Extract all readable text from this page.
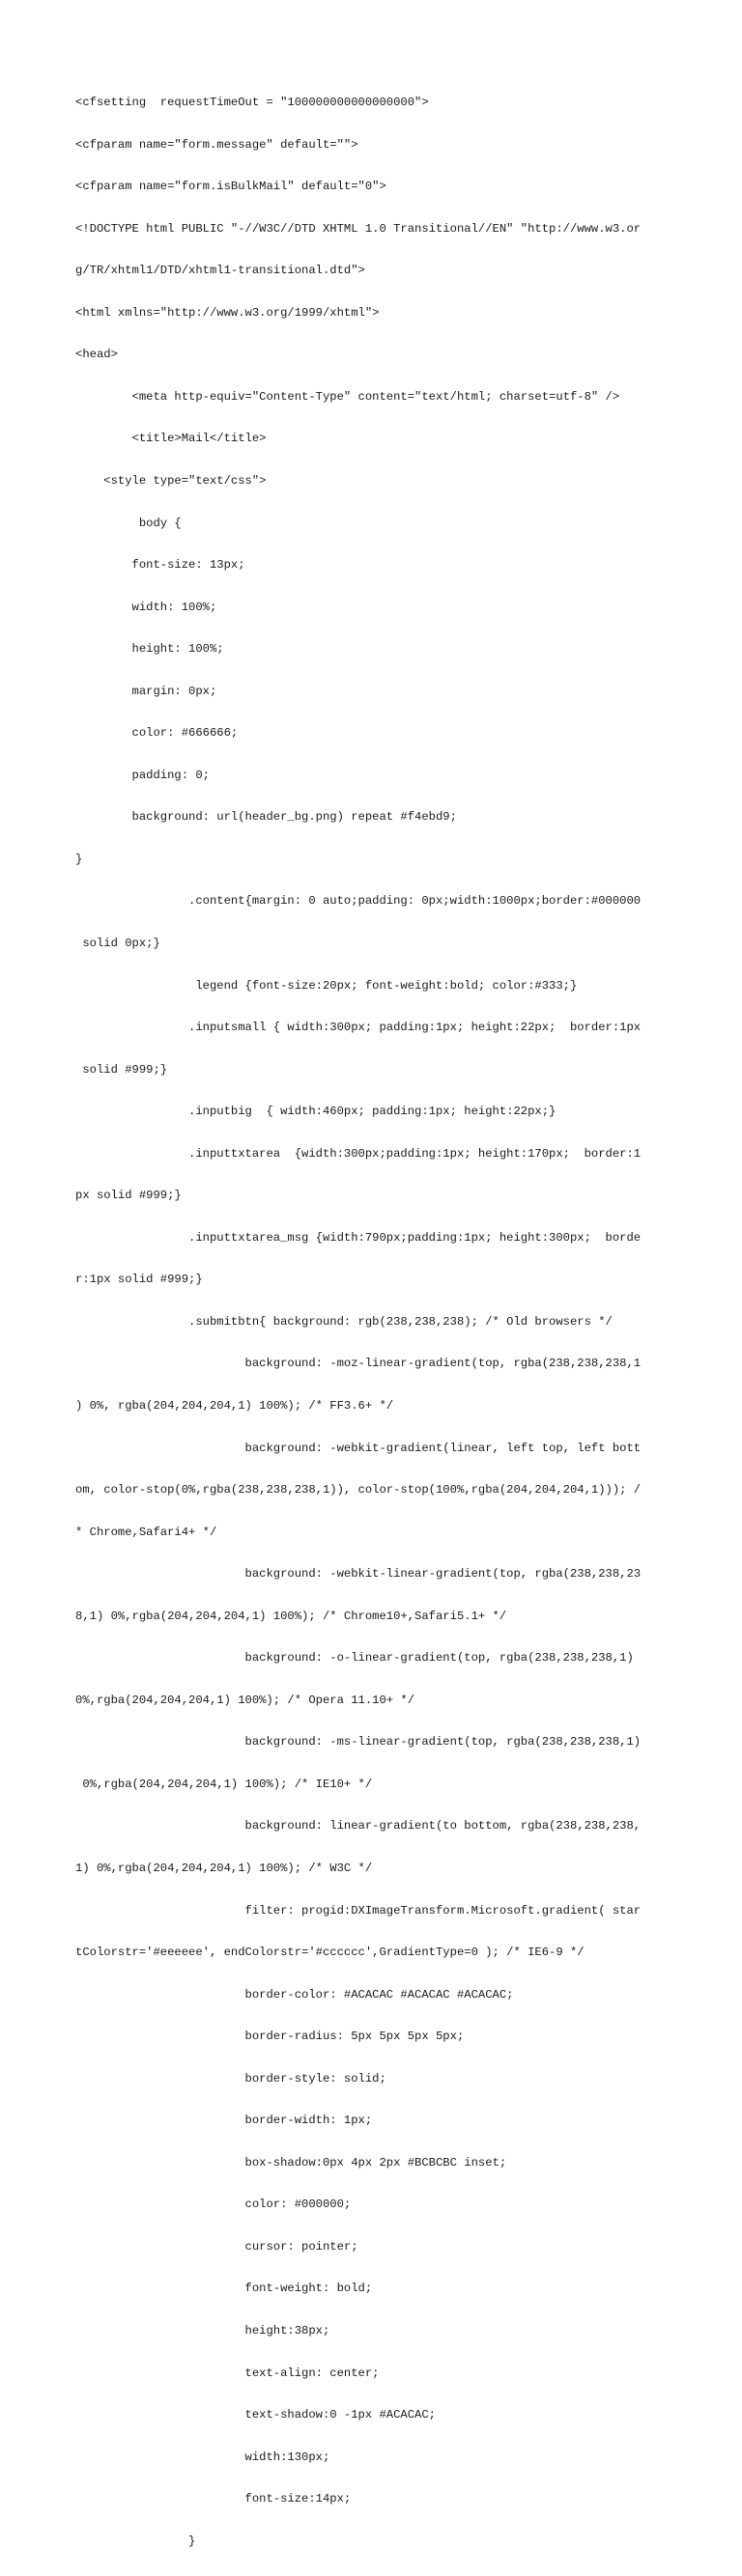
<cfsetting  requestTimeOut = "100000000000000000">

<cfparam name="form.message" default="">

<cfparam name="form.isBulkMail" default="0">

<!DOCTYPE html PUBLIC "-//W3C//DTD XHTML 1.0 Transitional//EN" "http://www.w3.or

g/TR/xhtml1/DTD/xhtml1-transitional.dtd">

<html xmlns="http://www.w3.org/1999/xhtml">

<head>

<meta http-equiv="Content-Type" content="text/html; charset=utf-8" />

<title>Mail</title>

<style type="text/css">

body {

font-size: 13px;

width: 100%;

height: 100%;

margin: 0px;

color: #666666;

padding: 0;

background: url(header_bg.png) repeat #f4ebd9;

}

.content{margin: 0 auto;padding: 0px;width:1000px;border:#000000

solid 0px;}

legend {font-size:20px; font-weight:bold; color:#333;}

.inputsmall { width:300px; padding:1px; height:22px;  border:1px

solid #999;}

.inputbig  { width:460px; padding:1px; height:22px;}

.inputtxtarea  {width:300px;padding:1px; height:170px;  border:1

px solid #999;}

.inputtxtarea_msg {width:790px;padding:1px; height:300px;  borde

r:1px solid #999;}

.submitbtn{ background: rgb(238,238,238); /* Old browsers */

background: -moz-linear-gradient(top, rgba(238,238,238,1

) 0%, rgba(204,204,204,1) 100%); /* FF3.6+ */

background: -webkit-gradient(linear, left top, left bott

om, color-stop(0%,rgba(238,238,238,1)), color-stop(100%,rgba(204,204,204,1))); /

* Chrome,Safari4+ */

background: -webkit-linear-gradient(top, rgba(238,238,23

8,1) 0%,rgba(204,204,204,1) 100%); /* Chrome10+,Safari5.1+ */

background: -o-linear-gradient(top, rgba(238,238,238,1)

0%,rgba(204,204,204,1) 100%); /* Opera 11.10+ */

background: -ms-linear-gradient(top, rgba(238,238,238,1)

0%,rgba(204,204,204,1) 100%); /* IE10+ */

background: linear-gradient(to bottom, rgba(238,238,238,

1) 0%,rgba(204,204,204,1) 100%); /* W3C */

filter: progid:DXImageTransform.Microsoft.gradient( star

tColorstr='#eeeeee', endColorstr='#cccccc',GradientType=0 ); /* IE6-9 */

border-color: #ACACAC #ACACAC #ACACAC;

border-radius: 5px 5px 5px 5px;

border-style: solid;

border-width: 1px;

box-shadow:0px 4px 2px #BCBCBC inset;

color: #000000;

cursor: pointer;

font-weight: bold;

height:38px;

text-align: center;

text-shadow:0 -1px #ACACAC;

width:130px;

font-size:14px;

}
